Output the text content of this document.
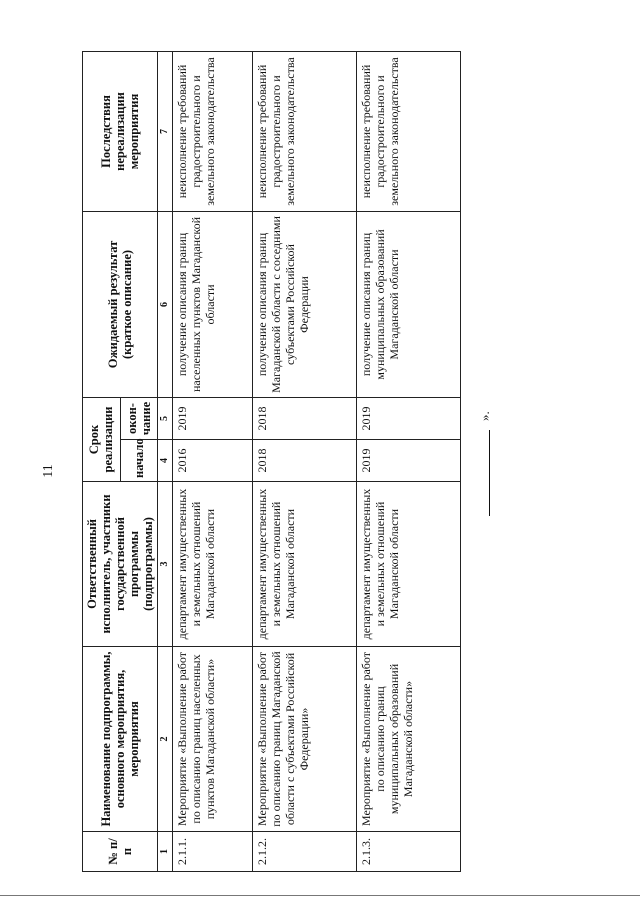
11
».
№ п/п	Наименование подпрограммы, основного мероприятия, мероприятия	Ответственный исполнитель, участники государственной программы (подпрограммы)	Срок реализации		Ожидаемый результат (краткое описание)	Последствия нереализации мероприятия
			начало	окон-чание		
1	2	3	4	5	6	7
2.1.1.	Мероприятие «Выполнение работ по описанию границ населенных пунктов Магаданской области»	департамент имущественных и земельных отношений Магаданской области	2016	2019	получение описания границ населенных пунктов Магаданской области	неисполнение требований градостроительного и земельного законодательства
2.1.2.	Мероприятие «Выполнение работ по описанию границ Магаданской области с субъектами Российской Федерации»	департамент имущественных и земельных отношений Магаданской области	2018	2018	получение описания границ Магаданской области с соседними субъектами Российской Федерации	неисполнение требований градостроительного и земельного законодательства
2.1.3.	Мероприятие «Выполнение работ по описанию границ муниципальных образований Магаданской области»	департамент имущественных и земельных отношений Магаданской области	2019	2019	получение описания границ муниципальных образований Магаданской области	неисполнение требований градостроительного и земельного законодательства
